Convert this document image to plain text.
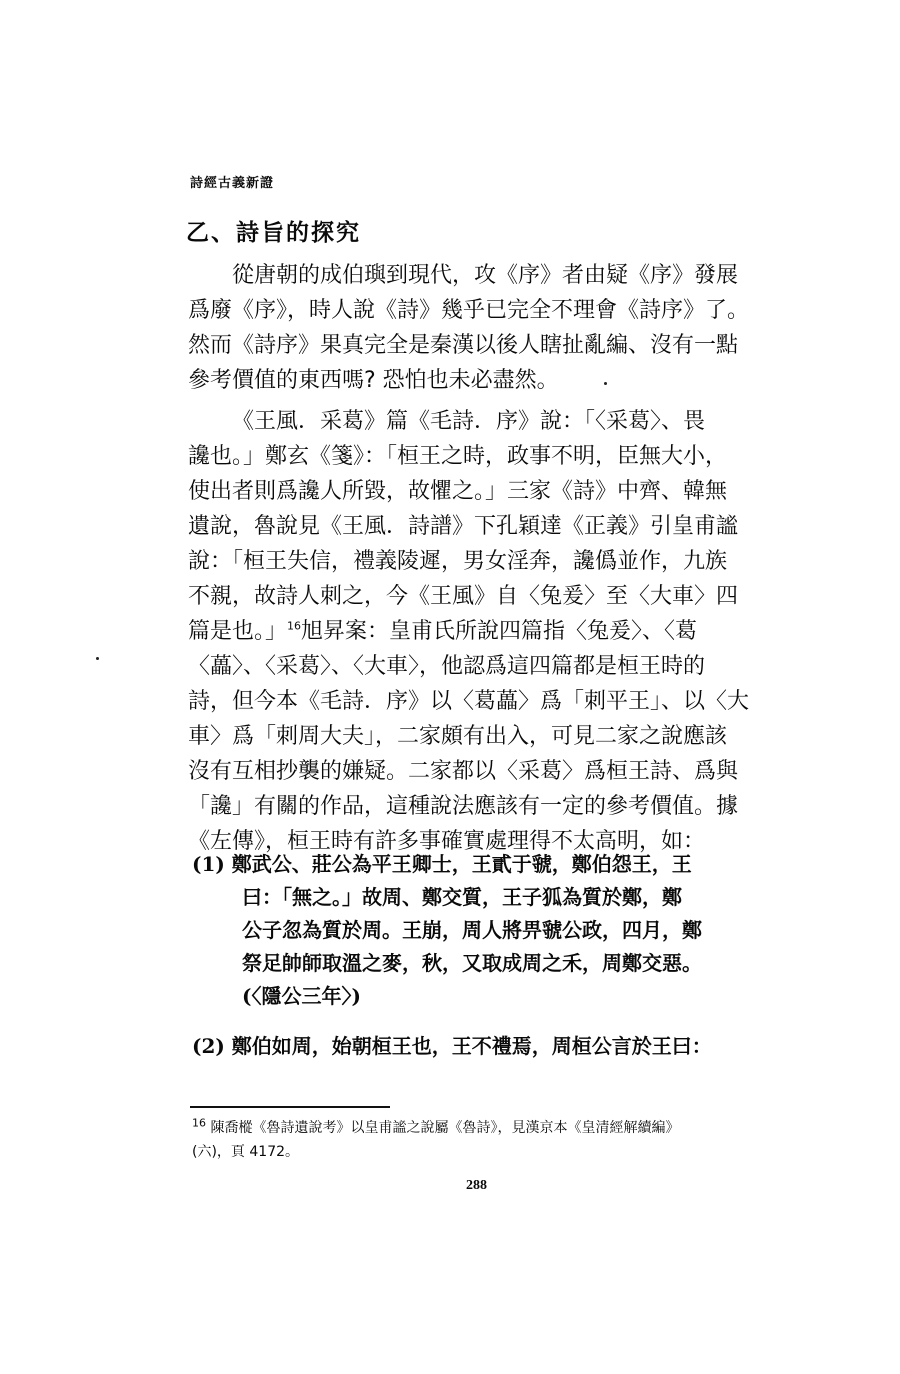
詩經古義新證
乙、詩旨的探究
從唐朝的成伯璵到現代，攻《序》者由疑《序》發展
爲廢《序》，時人說《詩》幾乎已完全不理會《詩序》了。
然而《詩序》果真完全是秦漢以後人瞎扯亂編、沒有一點
參考價值的東西嗎? 恐怕也未必盡然。
《王風．采葛》篇《毛詩．序》說：「〈采葛〉、畏
讒也。」鄭玄《箋》：「桓王之時，政事不明，臣無大小，
使出者則爲讒人所毀，故懼之。」三家《詩》中齊、韓無
遺說，魯說見《王風．詩譜》下孔穎達《正義》引皇甫謐
說：「桓王失信，禮義陵遲，男女淫奔，讒僞並作，九族
不親，故詩人刺之，今《王風》自〈兔爰〉至〈大車〉四
篇是也。」$^{16}$旭昇案：皇甫氏所說四篇指〈兔爰〉、〈葛
〈藟〉、〈采葛〉、〈大車〉，他認爲這四篇都是桓王時的
詩，但今本《毛詩．序》以〈葛藟〉爲「刺平王」、以〈大
車〉爲「刺周大夫」，二家頗有出入，可見二家之說應該
沒有互相抄襲的嫌疑。二家都以〈采葛〉爲桓王詩、爲與
「讒」有關的作品，這種說法應該有一定的參考價值。據
《左傳》，桓王時有許多事確實處理得不太高明，如：
(1) 鄭武公、莊公為平王卿士，王貳于虢，鄭伯怨王，王
曰：「無之。」故周、鄭交質，王子狐為質於鄭，鄭
公子忽為質於周。王崩，周人將畀虢公政，四月，鄭
祭足帥師取溫之麥，秋，又取成周之禾，周鄭交惡。
(〈隱公三年〉)
(2) 鄭伯如周，始朝桓王也，王不禮焉，周桓公言於王曰：
$^{16}$ 陳喬樅《魯詩遺說考》以皇甫謐之說屬《魯詩》，見漢京本《皇清經解續編》
(六)，頁 4172。
288
